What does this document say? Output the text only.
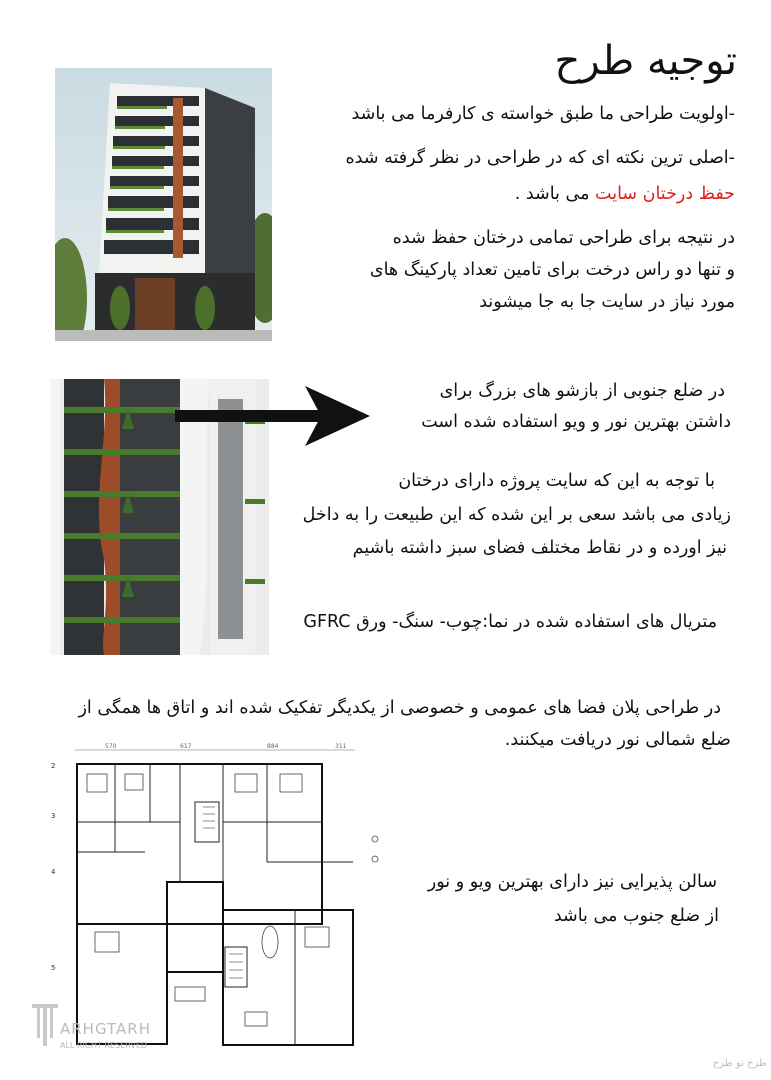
توجیه طرح
-اولویت طراحی ما طبق خواسته ی کارفرما می باشد
-اصلی ترین نکته ای که در طراحی در نظر گرفته شده
حفظ درختان سایت می باشد .
در نتیجه برای طراحی تمامی درختان حفظ شده
و تنها دو راس درخت برای تامین تعداد پارکینگ های
مورد نیاز در سایت جا به جا میشوند
در ضلع جنوبی از بازشو های بزرگ برای
داشتن بهترین نور و ویو استفاده شده است
با توجه به این که سایت پروژه دارای درختان
زیادی می باشد سعی بر این شده که این طبیعت را به داخل
نیز اورده و در نقاط مختلف فضای سبز داشته باشیم
متریال های استفاده شده در نما:چوب- سنگ- ورق GFRC
در طراحی پلان فضا های عمومی و خصوصی از یکدیگر تفکیک شده اند و اتاق ها همگی از
ضلع شمالی نور دریافت میکنند.
570	617	884	311
2
3
4
5
ARHGTARH
ALL RIGHT RESERVED
سالن پذیرایی نیز دارای بهترین ویو و نور
از ضلع جنوب می باشد
طرح تو طرح
